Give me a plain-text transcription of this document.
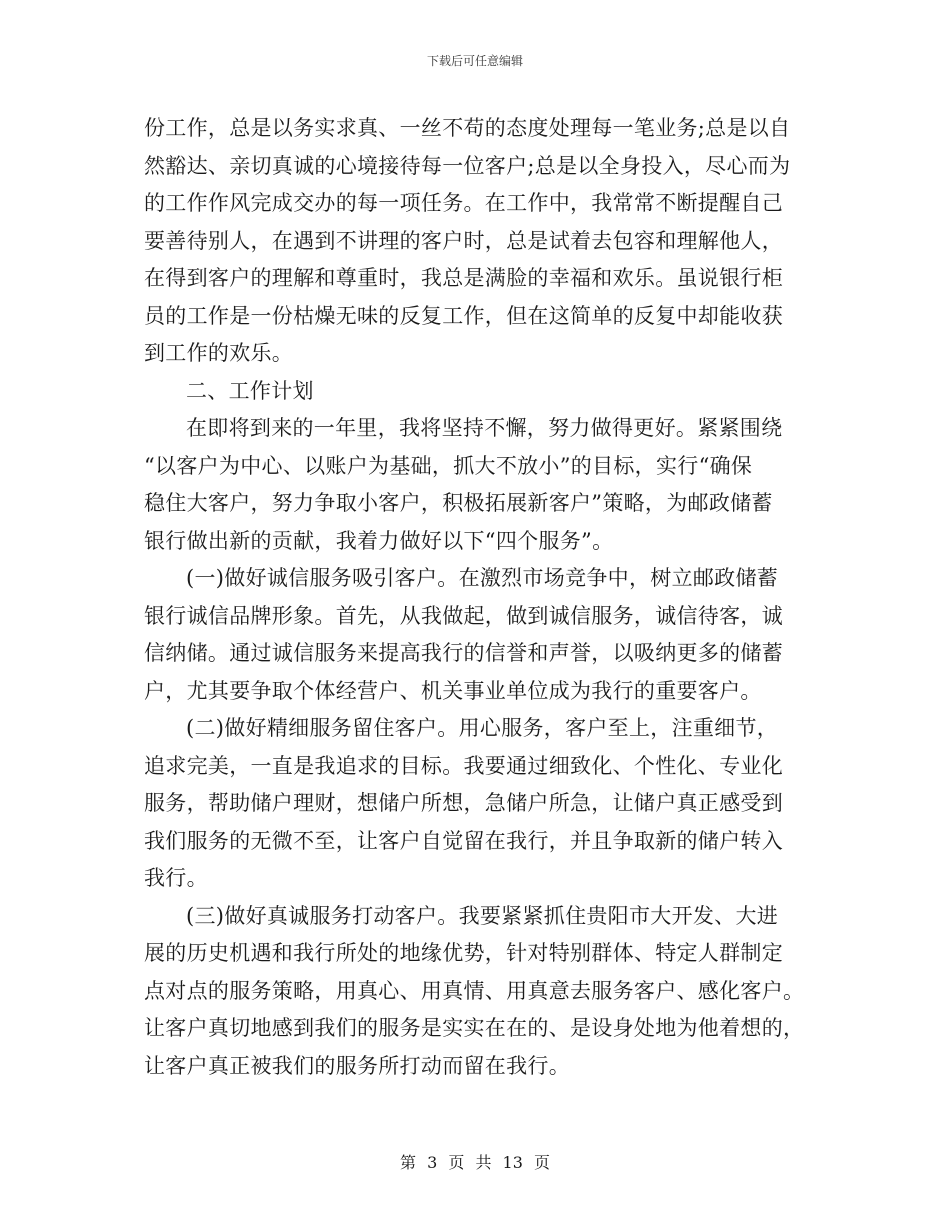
下载后可任意编辑
份工作，总是以务实求真、一丝不苟的态度处理每一笔业务;总是以自
然豁达、亲切真诚的心境接待每一位客户;总是以全身投入，尽心而为
的工作作风完成交办的每一项任务。在工作中，我常常不断提醒自己
要善待别人，在遇到不讲理的客户时，总是试着去包容和理解他人，
在得到客户的理解和尊重时，我总是满脸的幸福和欢乐。虽说银行柜
员的工作是一份枯燥无味的反复工作，但在这简单的反复中却能收获
到工作的欢乐。
二、工作计划
在即将到来的一年里，我将坚持不懈，努力做得更好。紧紧围绕
“以客户为中心、以账户为基础，抓大不放小”的目标，实行“确保
稳住大客户，努力争取小客户，积极拓展新客户”策略，为邮政储蓄
银行做出新的贡献，我着力做好以下“四个服务”。
(一)做好诚信服务吸引客户。在激烈市场竞争中，树立邮政储蓄
银行诚信品牌形象。首先，从我做起，做到诚信服务，诚信待客，诚
信纳储。通过诚信服务来提高我行的信誉和声誉，以吸纳更多的储蓄
户，尤其要争取个体经营户、机关事业单位成为我行的重要客户。
(二)做好精细服务留住客户。用心服务，客户至上，注重细节，
追求完美，一直是我追求的目标。我要通过细致化、个性化、专业化
服务，帮助储户理财，想储户所想，急储户所急，让储户真正感受到
我们服务的无微不至，让客户自觉留在我行，并且争取新的储户转入
我行。
(三)做好真诚服务打动客户。我要紧紧抓住贵阳市大开发、大进
展的历史机遇和我行所处的地缘优势，针对特别群体、特定人群制定
点对点的服务策略，用真心、用真情、用真意去服务客户、感化客户。
让客户真切地感到我们的服务是实实在在的、是设身处地为他着想的，
让客户真正被我们的服务所打动而留在我行。
第 3 页 共 13 页
